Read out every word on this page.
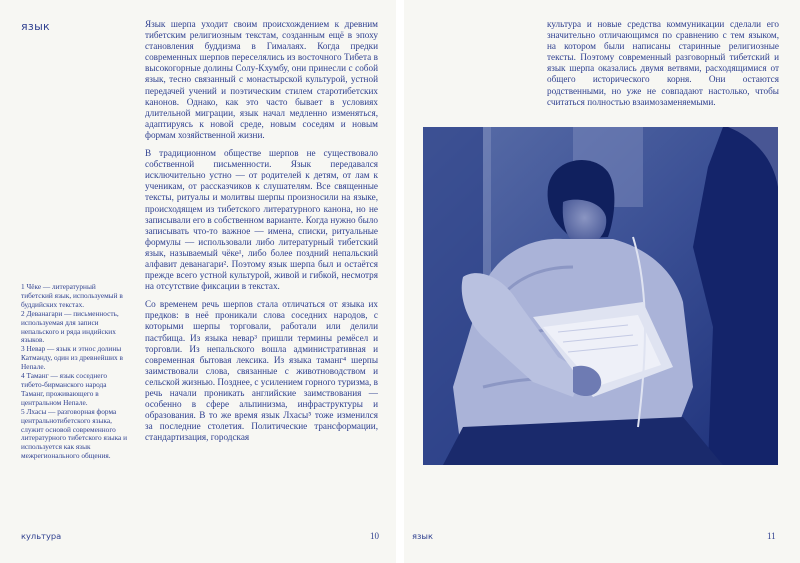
язык	Язык шерпа уходит своим происхождением к древним тибетским религиозным текстам, созданным ещё в эпоху становления буддизма в Гималаях. Когда предки современных шерпов переселялись из восточного Тибета в высокогорные долины Солу-Кхумбу, они принесли с собой язык, тесно связанный с монастырской культурой, устной передачей учений и поэтическим стилем старотибетских канонов. Однако, как это часто бывает в условиях длительной миграции, язык начал медленно изменяться, адаптируясь к новой среде, новым соседям и новым формам хозяйственной жизни.

В традиционном обществе шерпов не существовало собственной письменности. Язык передавался исключительно устно — от родителей к детям, от лам к ученикам, от рассказчиков к слушателям. Все священные тексты, ритуалы и молитвы шерпы произносили на языке, происходящем из тибетского литературного канона, но не записывали его в собственном варианте. Когда нужно было записывать что-то важное — имена, списки, ритуальные формулы — использовали либо литературный тибетский язык, называемый чёке¹, либо более поздний непальский алфавит деванагари². Поэтому язык шерпа был и остаётся прежде всего устной культурой, живой и гибкой, несмотря на отсутствие фиксации в текстах.

Со временем речь шерпов стала отличаться от языка их предков: в неё проникали слова соседних народов, с которыми шерпы торговали, работали или делили пастбища. Из языка невар³ пришли термины ремёсел и торговли. Из непальского вошла административная и современная бытовая лексика. Из языка таманг⁴ шерпы заимствовали слова, связанные с животноводством и сельской жизнью. Позднее, с усилением горного туризма, в речь начали проникать английские заимствования — особенно в сфере альпинизма, инфраструктуры и образования. В то же время язык Лхасы⁵ тоже изменился за последние столетия. Политические трансформации, стандартизация, городская

1 Чёке — литературный тибетский язык, используемый в буддийских текстах.

2 Деванагари — письменность, используемая для записи непальского и ряда индийских языков.

3 Невар — язык и этнос долины Катманду, один из древнейших в Непале.

4 Таманг — язык соседнего тибето-бирманского народа Таманг, проживающего в центральном Непале.

5 Лхасы — разговорная форма центральнотибетского языка, служит основой современного литературного тибетского языка и используется как язык межрегионального общения.

культура	10
культура и новые средства коммуникации сделали его значительно отличающимся по сравнению с тем языком, на котором были написаны старинные религиозные тексты. Поэтому современный разговорный тибетский и язык шерпа оказались двумя ветвями, расходящимися от общего исторического корня. Они остаются родственными, но уже не совпадают настолько, чтобы считаться полностью взаимозаменяемыми.
язык	11
